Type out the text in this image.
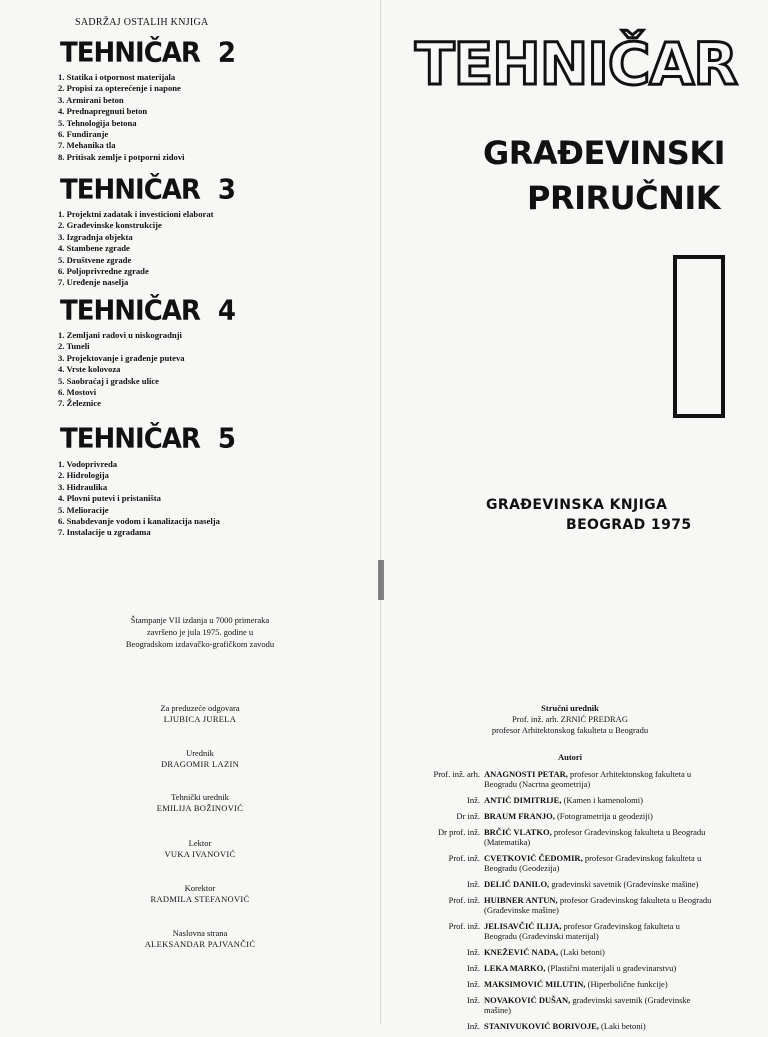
SADRŽAJ OSTALIH KNJIGA
TEHNIČAR 2
1. Statika i otpornost materijala
2. Propisi za opterećenje i napone
3. Armirani beton
4. Prednapregnuti beton
5. Tehnologija betona
6. Fundiranje
7. Mehanika tla
8. Pritisak zemlje i potporni zidovi
TEHNIČAR 3
1. Projektni zadatak i investicioni elaborat
2. Građevinske konstrukcije
3. Izgradnja objekta
4. Stambene zgrade
5. Društvene zgrade
6. Poljoprivredne zgrade
7. Uređenje naselja
TEHNIČAR 4
1. Zemljani radovi u niskogradnji
2. Tuneli
3. Projektovanje i građenje puteva
4. Vrste kolovoza
5. Saobraćaj i gradske ulice
6. Mostovi
7. Železnice
TEHNIČAR 5
1. Vodoprivreda
2. Hidrologija
3. Hidraulika
4. Plovni putevi i pristaništa
5. Melioracije
6. Snabdevanje vodom i kanalizacija naselja
7. Instalacije u zgradama
Štampanje VII izdanja u 7000 primeraka
završeno je jula 1975. godine u
Beogradskom izdavačko-grafičkom zavodu
Za preduzeće odgovara
LJUBICA JURELA
Urednik
DRAGOMIR LAZIN
Tehnički urednik
EMILIJA BOŽINOVIĆ
Lektor
VUKA IVANOVIĆ
Korektor
RADMILA STEFANOVIĆ
Naslovna strana
ALEKSANDAR PAJVANČIĆ
TEHNIČAR
GRAĐEVINSKI
PRIRUČNIK
GRAĐEVINSKA KNJIGA
BEOGRAD 1975
Stručni urednik
Prof. inž. arh. ZRNIĆ PREDRAG
profesor Arhitektonskog fakulteta u Beogradu
Autori
Prof. inž. arh. ANAGNOSTI PETAR, profesor Arhitektonskog fakulteta u Beogradu (Nacrtna geometrija)
Inž. ANTIĆ DIMITRIJE, (Kamen i kamenolomi)
Dr inž. BRAUM FRANJO, (Fotogrametrija u geodeziji)
Dr prof. inž. BRČIĆ VLATKO, profesor Građevinskog fakulteta u Beogradu (Matematika)
Prof. inž. CVETKOVIĆ ČEDOMIR, profesor Građevinskog fakulteta u Beogradu (Geodezija)
Inž. DELIĆ DANILO, građevinski savetnik (Građevinske mašine)
Prof. inž. HUIBNER ANTUN, profesor Građevinskog fakulteta u Beogradu (Građevinske mašine)
Prof. inž. JELISAVČIĆ ILIJA, profesor Građevinskog fakulteta u Beogradu (Građevinski materijal)
Inž. KNEŽEVIĆ NADA, (Laki betoni)
Inž. LEKA MARKO, (Plastični materijali u građevinarstvu)
Inž. MAKSIMOVIĆ MILUTIN, (Hiperbolične funkcije)
Inž. NOVAKOVIĆ DUŠAN, građevinski savetnik (Građevinske mašine)
Inž. STANIVUKOVIĆ BORIVOJE, (Laki betoni)
